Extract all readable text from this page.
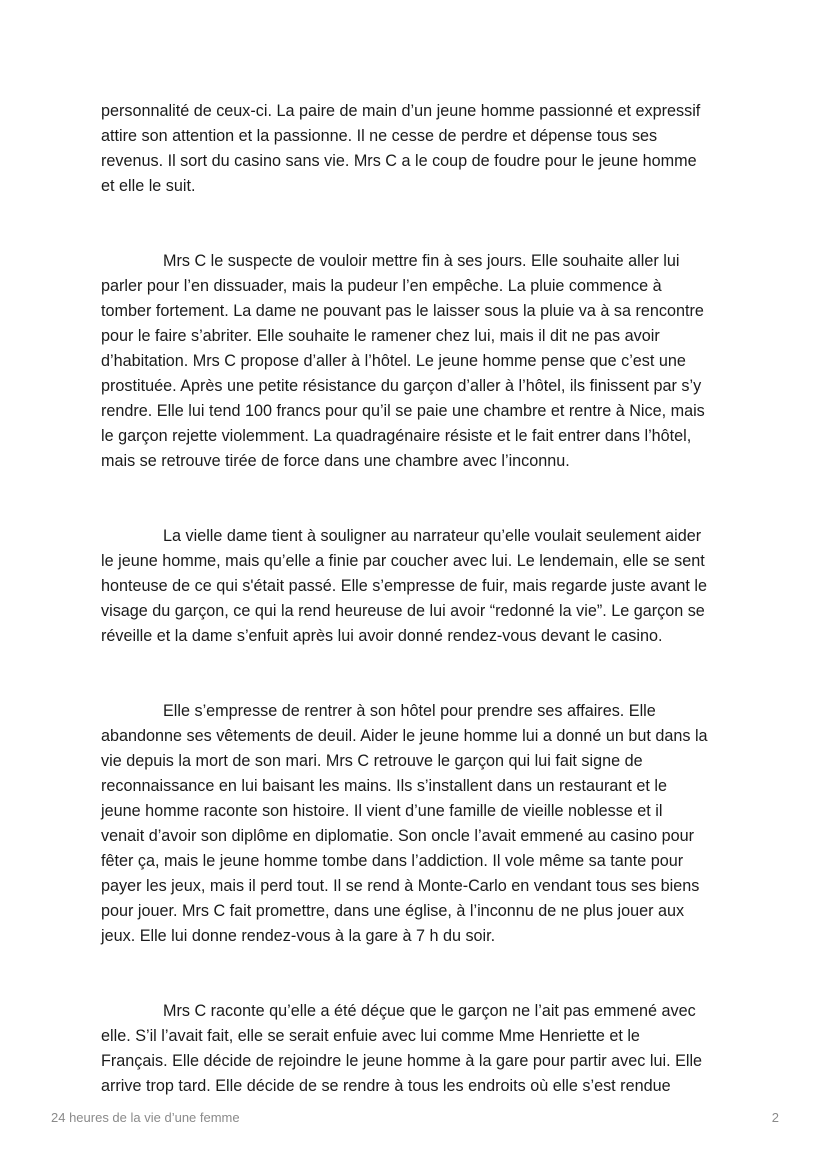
personnalité de ceux-ci. La paire de main d’un jeune homme passionné et expressif
attire son attention et la passionne. Il ne cesse de perdre et dépense tous ses
revenus. Il sort du casino sans vie. Mrs C a le coup de foudre pour le jeune homme
et elle le suit.

Mrs C le suspecte de vouloir mettre fin à ses jours. Elle souhaite aller lui
parler pour l’en dissuader, mais la pudeur l’en empêche. La pluie commence à
tomber fortement. La dame ne pouvant pas le laisser sous la pluie va à sa rencontre
pour le faire s’abriter. Elle souhaite le ramener chez lui, mais il dit ne pas avoir
d’habitation. Mrs C propose d’aller à l’hôtel. Le jeune homme pense que c’est une
prostituée. Après une petite résistance du garçon d’aller à l’hôtel, ils finissent par s’y
rendre. Elle lui tend 100 francs pour qu’il se paie une chambre et rentre à Nice, mais
le garçon rejette violemment. La quadragénaire résiste et le fait entrer dans l’hôtel,
mais se retrouve tirée de force dans une chambre avec l’inconnu.

La vielle dame tient à souligner au narrateur qu’elle voulait seulement aider
le jeune homme, mais qu’elle a finie par coucher avec lui. Le lendemain, elle se sent
honteuse de ce qui s'était passé. Elle s’empresse de fuir, mais regarde juste avant le
visage du garçon, ce qui la rend heureuse de lui avoir “redonné la vie”. Le garçon se
réveille et la dame s’enfuit après lui avoir donné rendez-vous devant le casino.

Elle s’empresse de rentrer à son hôtel pour prendre ses affaires. Elle
abandonne ses vêtements de deuil. Aider le jeune homme lui a donné un but dans la
vie depuis la mort de son mari. Mrs C retrouve le garçon qui lui fait signe de
reconnaissance en lui baisant les mains. Ils s’installent dans un restaurant et le
jeune homme raconte son histoire. Il vient d’une famille de vieille noblesse et il
venait d’avoir son diplôme en diplomatie. Son oncle l’avait emmené au casino pour
fêter ça, mais le jeune homme tombe dans l’addiction. Il vole même sa tante pour
payer les jeux, mais il perd tout. Il se rend à Monte-Carlo en vendant tous ses biens
pour jouer. Mrs C fait promettre, dans une église, à l’inconnu de ne plus jouer aux
jeux. Elle lui donne rendez-vous à la gare à 7 h du soir.

Mrs C raconte qu’elle a été déçue que le garçon ne l’ait pas emmené avec
elle. S’il l’avait fait, elle se serait enfuie avec lui comme Mme Henriette et le
Français. Elle décide de rejoindre le jeune homme à la gare pour partir avec lui. Elle
arrive trop tard. Elle décide de se rendre à tous les endroits où elle s’est rendue

24 heures de la vie d’une femme	2
